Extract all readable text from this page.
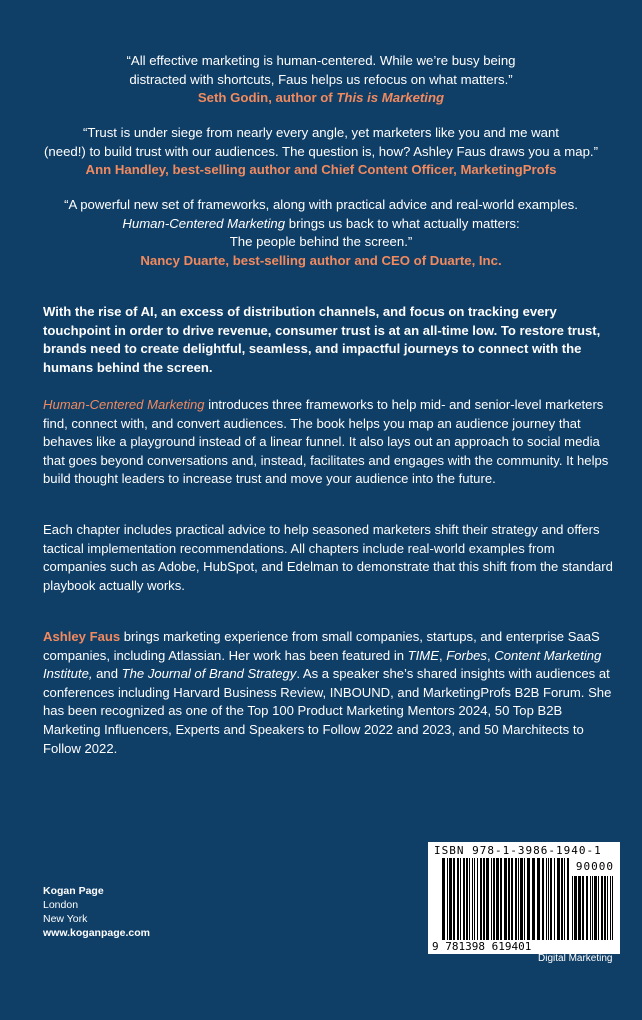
“All effective marketing is human-centered. While we’re busy being
distracted with shortcuts, Faus helps us refocus on what matters.”
Seth Godin, author of This is Marketing
“Trust is under siege from nearly every angle, yet marketers like you and me want
(need!) to build trust with our audiences. The question is, how? Ashley Faus draws you a map.”
Ann Handley, best-selling author and Chief Content Officer, MarketingProfs
“A powerful new set of frameworks, along with practical advice and real-world examples.
Human-Centered Marketing brings us back to what actually matters:
The people behind the screen.”
Nancy Duarte, best-selling author and CEO of Duarte, Inc.
With the rise of AI, an excess of distribution channels, and focus on tracking every touchpoint in order to drive revenue, consumer trust is at an all-time low. To restore trust, brands need to create delightful, seamless, and impactful journeys to connect with the humans behind the screen.
Human-Centered Marketing introduces three frameworks to help mid- and senior-level marketers find, connect with, and convert audiences. The book helps you map an audience journey that behaves like a playground instead of a linear funnel. It also lays out an approach to social media that goes beyond conversations and, instead, facilitates and engages with the community. It helps build thought leaders to increase trust and move your audience into the future.
Each chapter includes practical advice to help seasoned marketers shift their strategy and offers tactical implementation recommendations. All chapters include real-world examples from companies such as Adobe, HubSpot, and Edelman to demonstrate that this shift from the standard playbook actually works.
Ashley Faus brings marketing experience from small companies, startups, and enterprise SaaS companies, including Atlassian. Her work has been featured in TIME, Forbes, Content Marketing Institute, and The Journal of Brand Strategy. As a speaker she’s shared insights with audiences at conferences including Harvard Business Review, INBOUND, and MarketingProfs B2B Forum. She has been recognized as one of the Top 100 Product Marketing Mentors 2024, 50 Top B2B Marketing Influencers, Experts and Speakers to Follow 2022 and 2023, and 50 Marchitects to Follow 2022.
Kogan Page
London
New York
www.koganpage.com
ISBN 978-1-3986-1940-1
90000
9 781398 619401
Digital Marketing
